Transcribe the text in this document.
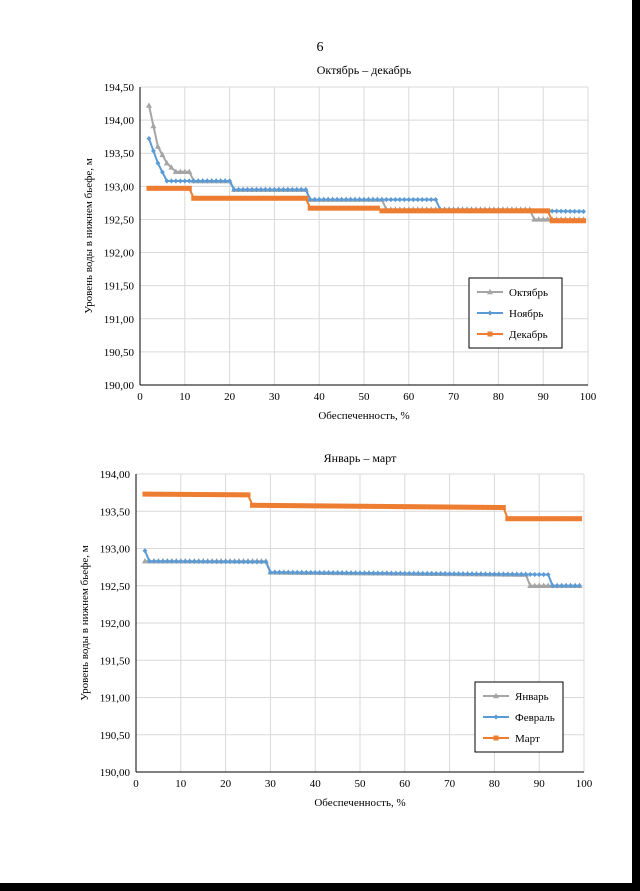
6
Октябрь – декабрь
0	10	20	30	40	50	60	70	80	90	100
190,00
190,50
191,00
191,50
192,00
192,50
193,00
193,50
194,00
194,50
Обеспеченность, %
Уровень воды в нижнем бьефе, м	Октябрь
Ноябрь
Декабрь
Январь – март
0	10	20	30	40	50	60	70	80	90	100
190,00
190,50
191,00
191,50
192,00
192,50
193,00
193,50
194,00
Обеспеченность, %
Уровень воды в нижнем бьефе, м	Январь
Февраль
Март
